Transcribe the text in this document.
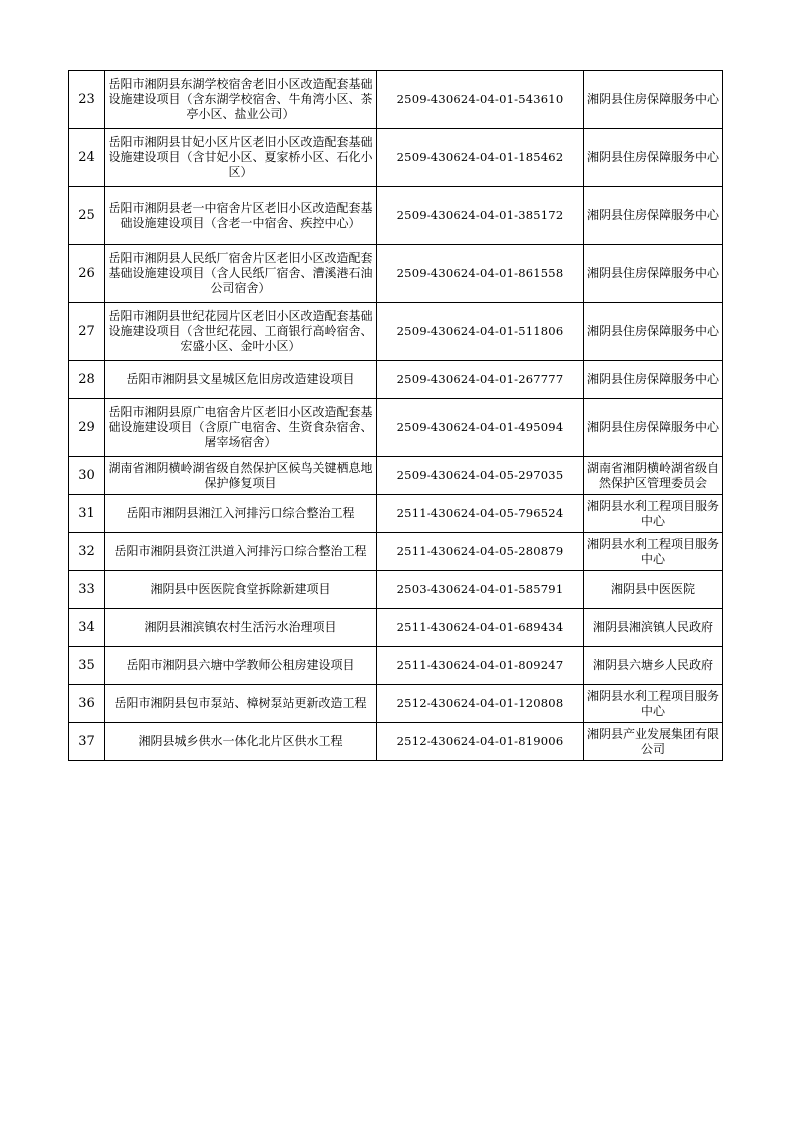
23	岳阳市湘阴县东湖学校宿舍老旧小区改造配套基础设施建设项目（含东湖学校宿舍、牛角湾小区、茶亭小区、盐业公司）	2509-430624-04-01-543610	湘阴县住房保障服务中心
24	岳阳市湘阴县甘妃小区片区老旧小区改造配套基础设施建设项目（含甘妃小区、夏家桥小区、石化小区）	2509-430624-04-01-185462	湘阴县住房保障服务中心
25	岳阳市湘阴县老一中宿舍片区老旧小区改造配套基础设施建设项目（含老一中宿舍、疾控中心）	2509-430624-04-01-385172	湘阴县住房保障服务中心
26	岳阳市湘阴县人民纸厂宿舍片区老旧小区改造配套基础设施建设项目（含人民纸厂宿舍、漕溪港石油公司宿舍）	2509-430624-04-01-861558	湘阴县住房保障服务中心
27	岳阳市湘阴县世纪花园片区老旧小区改造配套基础设施建设项目（含世纪花园、工商银行高岭宿舍、宏盛小区、金叶小区）	2509-430624-04-01-511806	湘阴县住房保障服务中心
28	岳阳市湘阴县文星城区危旧房改造建设项目	2509-430624-04-01-267777	湘阴县住房保障服务中心
29	岳阳市湘阴县原广电宿舍片区老旧小区改造配套基础设施建设项目（含原广电宿舍、生资食杂宿舍、屠宰场宿舍）	2509-430624-04-01-495094	湘阴县住房保障服务中心
30	湖南省湘阴横岭湖省级自然保护区候鸟关键栖息地保护修复项目	2509-430624-04-05-297035	湖南省湘阴横岭湖省级自然保护区管理委员会
31	岳阳市湘阴县湘江入河排污口综合整治工程	2511-430624-04-05-796524	湘阴县水利工程项目服务中心
32	岳阳市湘阴县资江洪道入河排污口综合整治工程	2511-430624-04-05-280879	湘阴县水利工程项目服务中心
33	湘阴县中医医院食堂拆除新建项目	2503-430624-04-01-585791	湘阴县中医医院
34	湘阴县湘滨镇农村生活污水治理项目	2511-430624-04-01-689434	湘阴县湘滨镇人民政府
35	岳阳市湘阴县六塘中学教师公租房建设项目	2511-430624-04-01-809247	湘阴县六塘乡人民政府
36	岳阳市湘阴县包市泵站、樟树泵站更新改造工程	2512-430624-04-01-120808	湘阴县水利工程项目服务中心
37	湘阴县城乡供水一体化北片区供水工程	2512-430624-04-01-819006	湘阴县产业发展集团有限公司
